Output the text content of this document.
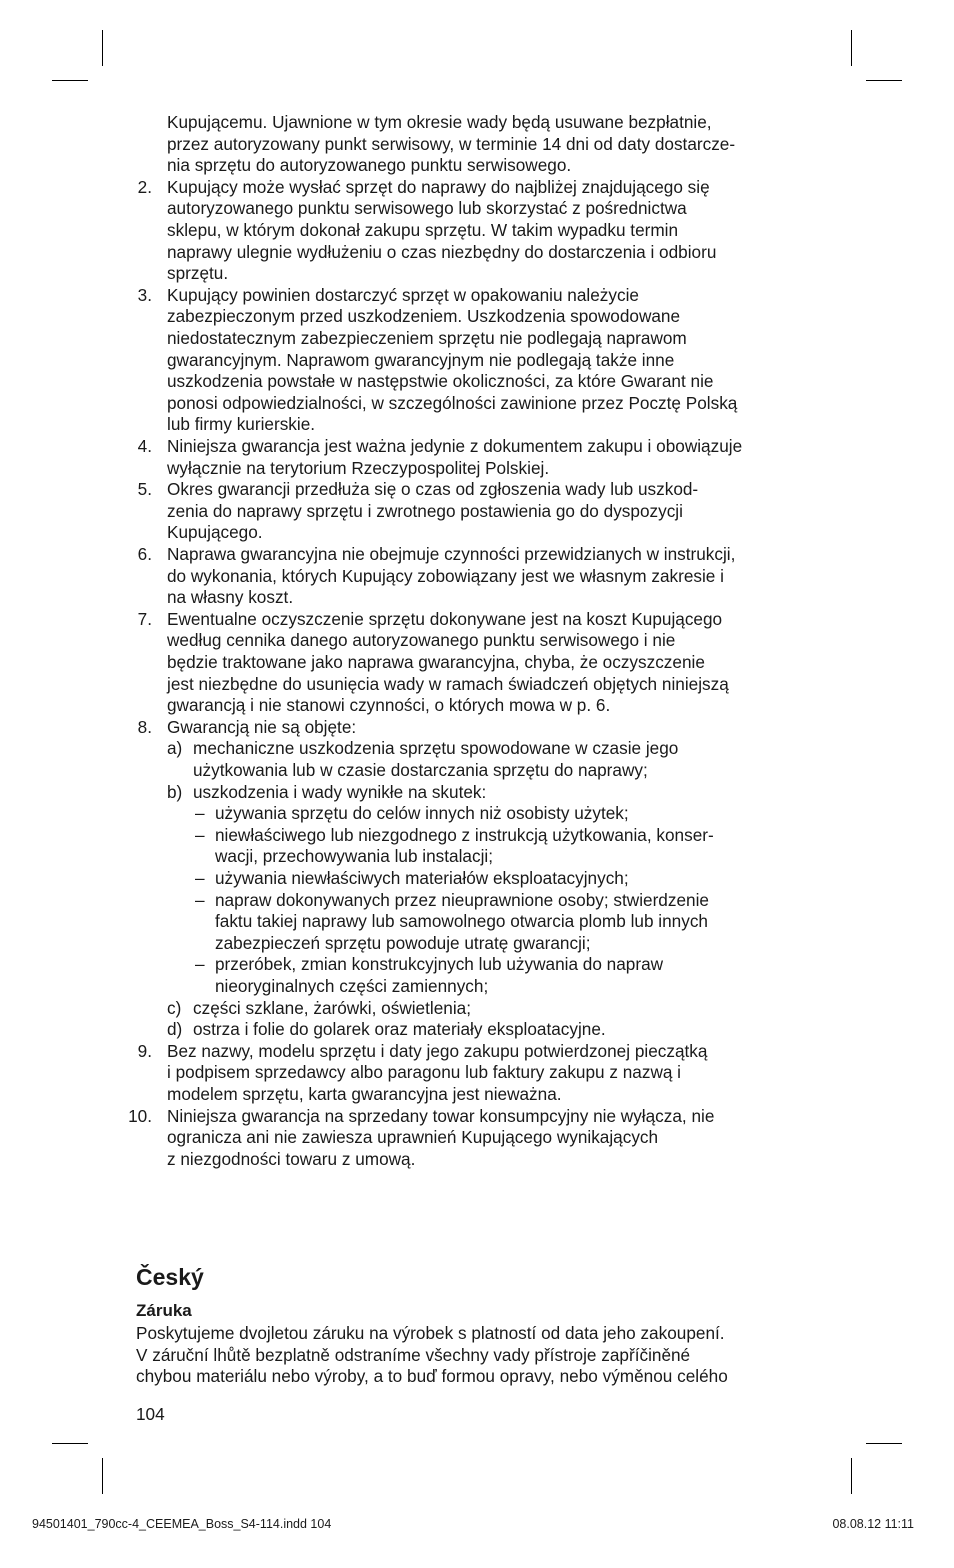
Kupującemu. Ujawnione w tym okresie wady będą usuwane bezpłatnie,
przez autoryzowany punkt serwisowy, w terminie 14 dni od daty dostarcze-
nia sprzętu do autoryzowanego punktu serwisowego.
2. Kupujący może wysłać sprzęt do naprawy do najbliżej znajdującego się
autoryzowanego punktu serwisowego lub skorzystać z pośrednictwa
sklepu, w którym dokonał zakupu sprzętu. W takim wypadku termin
naprawy ulegnie wydłużeniu o czas niezbędny do dostarczenia i odbioru
sprzętu.
3. Kupujący powinien dostarczyć sprzęt w opakowaniu należycie
zabezpieczonym przed uszkodzeniem. Uszkodzenia spowodowane
niedostatecznym zabezpieczeniem sprzętu nie podlegają naprawom
gwarancyjnym. Naprawom gwarancyjnym nie podlegają także inne
uszkodzenia powstałe w następstwie okoliczności, za które Gwarant nie
ponosi odpowiedzialności, w szczególności zawinione przez Pocztę Polską
lub firmy kurierskie.
4. Niniejsza gwarancja jest ważna jedynie z dokumentem zakupu i obowiązuje
wyłącznie na terytorium Rzeczypospolitej Polskiej.
5. Okres gwarancji przedłuża się o czas od zgłoszenia wady lub uszkod-
zenia do naprawy sprzętu i zwrotnego postawienia go do dyspozycji
Kupującego.
6. Naprawa gwarancyjna nie obejmuje czynności przewidzianych w instrukcji,
do wykonania, których Kupujący zobowiązany jest we własnym zakresie i
na własny koszt.
7. Ewentualne oczyszczenie sprzętu dokonywane jest na koszt Kupującego
według cennika danego autoryzowanego punktu serwisowego i nie
będzie traktowane jako naprawa gwarancyjna, chyba, że oczyszczenie
jest niezbędne do usunięcia wady w ramach świadczeń objętych niniejszą
gwarancją i nie stanowi czynności, o których mowa w p. 6.
8. Gwarancją nie są objęte:
a) mechaniczne uszkodzenia sprzętu spowodowane w czasie jego
użytkowania lub w czasie dostarczania sprzętu do naprawy;
b) uszkodzenia i wady wynikłe na skutek:
– używania sprzętu do celów innych niż osobisty użytek;
– niewłaściwego lub niezgodnego z instrukcją użytkowania, konser-
wacji, przechowywania lub instalacji;
– używania niewłaściwych materiałów eksploatacyjnych;
– napraw dokonywanych przez nieuprawnione osoby; stwierdzenie
faktu takiej naprawy lub samowolnego otwarcia plomb lub innych
zabezpieczeń sprzętu powoduje utratę gwarancji;
– przeróbek, zmian konstrukcyjnych lub używania do napraw
nieoryginalnych części zamiennych;
c) części szklane, żarówki, oświetlenia;
d) ostrza i folie do golarek oraz materiały eksploatacyjne.
9. Bez nazwy, modelu sprzętu i daty jego zakupu potwierdzonej pieczątką
i podpisem sprzedawcy albo paragonu lub faktury zakupu z nazwą i
modelem sprzętu, karta gwarancyjna jest nieważna.
10. Niniejsza gwarancja na sprzedany towar konsumpcyjny nie wyłącza, nie
ogranicza ani nie zawiesza uprawnień Kupującego wynikających
z niezgodności towaru z umową.
Český
Záruka
Poskytujeme dvojletou záruku na výrobek s platností od data jeho zakoupení.
V záruční lhůtě bezplatně odstraníme všechny vady přístroje zapříčiněné
chybou materiálu nebo výroby, a to buď formou opravy, nebo výměnou celého
104
94501401_790cc-4_CEEMEA_Boss_S4-114.indd 104	08.08.12 11:11
